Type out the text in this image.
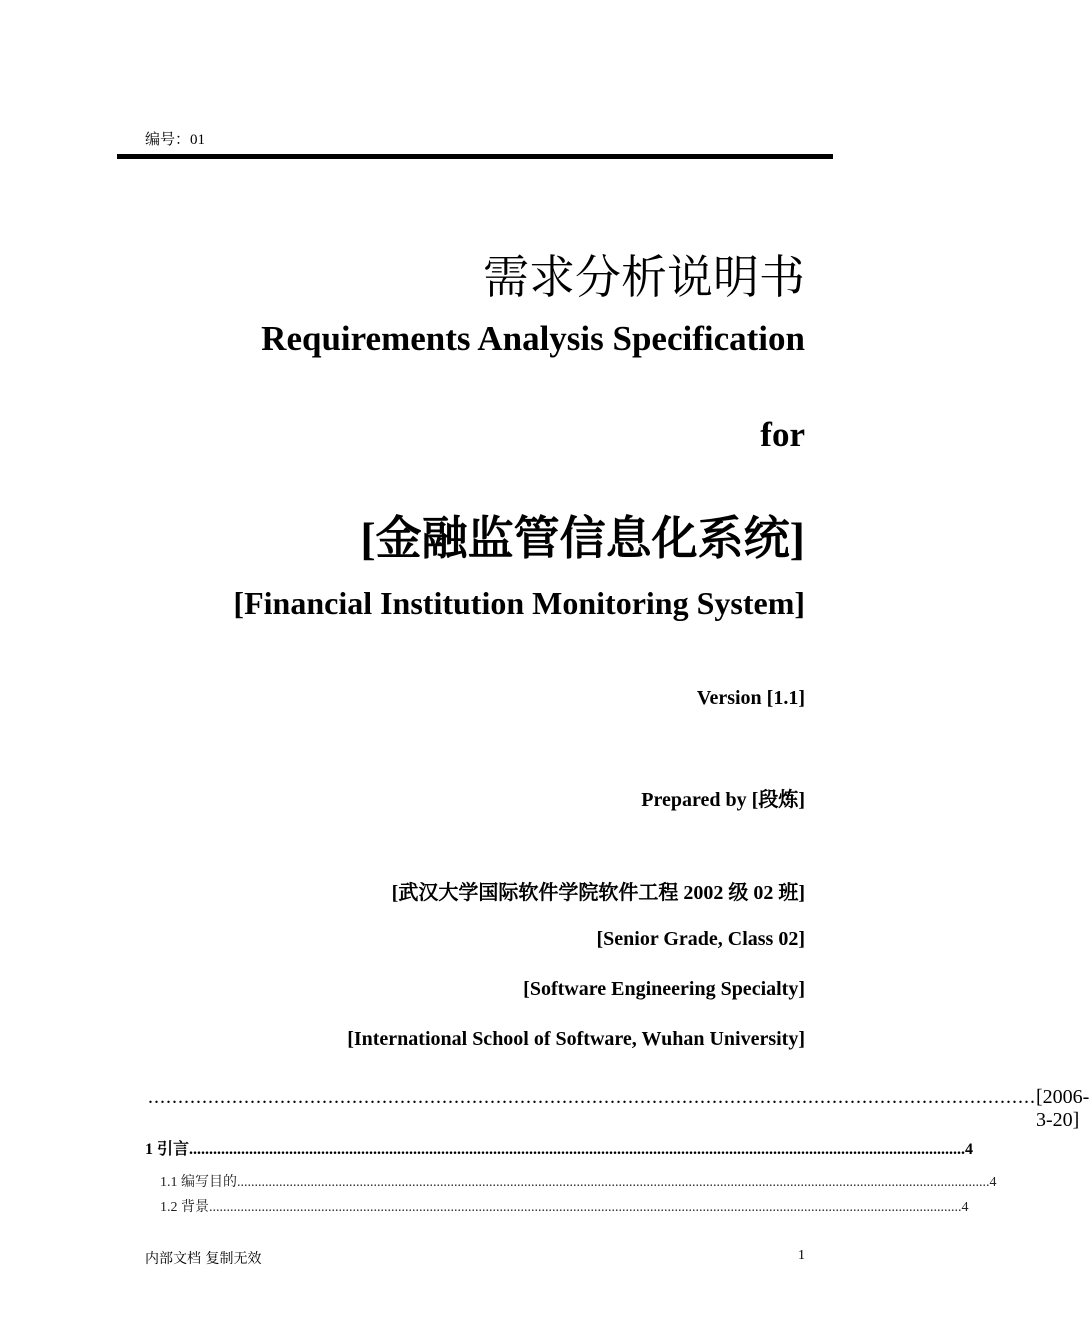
编号：01
需求分析说明书
Requirements Analysis Specification
for
[金融监管信息化系统]
[Financial Institution Monitoring System]
Version [1.1]
Prepared by [段炼]
[武汉大学国际软件学院软件工程 2002 级 02 班]
[Senior Grade, Class 02]
[Software Engineering Specialty]
[International School of Software, Wuhan University]
.................................................................................................................................................... [2006-3-20]
1 引言 .................................................................................................................................................................................................. 4
1.1 编写目的 ....................................................................................................................................................................................................................... 4
1.2 背景 ....................................................................................................................................................................................................................... 4
内部文档 复制无效	1
